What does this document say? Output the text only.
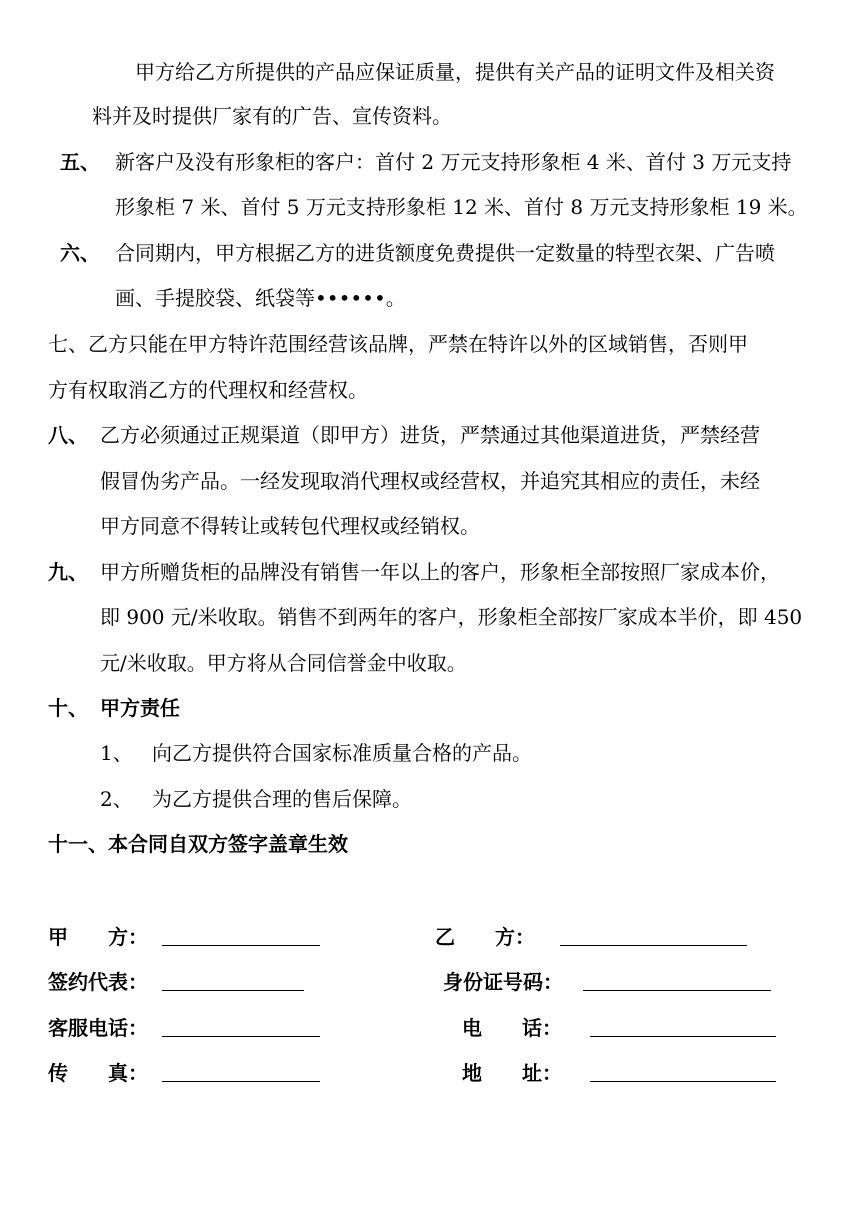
甲方给乙方所提供的产品应保证质量，提供有关产品的证明文件及相关资
料并及时提供厂家有的广告、宣传资料。
五、 新客户及没有形象柜的客户：首付 2 万元支持形象柜 4 米、首付 3 万元支持
形象柜 7 米、首付 5 万元支持形象柜 12 米、首付 8 万元支持形象柜 19 米。
六、 合同期内，甲方根据乙方的进货额度免费提供一定数量的特型衣架、广告喷
画、手提胶袋、纸袋等••••••。
七、乙方只能在甲方特许范围经营该品牌，严禁在特许以外的区域销售，否则甲
方有权取消乙方的代理权和经营权。
八、 乙方必须通过正规渠道（即甲方）进货，严禁通过其他渠道进货，严禁经营
假冒伪劣产品。一经发现取消代理权或经营权，并追究其相应的责任，未经
甲方同意不得转让或转包代理权或经销权。
九、 甲方所赠货柜的品牌没有销售一年以上的客户，形象柜全部按照厂家成本价，
即 900 元/米收取。销售不到两年的客户，形象柜全部按厂家成本半价，即 450
元/米收取。甲方将从合同信誉金中收取。
十、 甲方责任
1、 向乙方提供符合国家标准质量合格的产品。
2、 为乙方提供合理的售后保障。
十一、本合同自双方签字盖章生效
甲　　方：	乙　　方：
签约代表：	身份证号码：
客服电话：	电　　话：
传　　真：	地　　址：
